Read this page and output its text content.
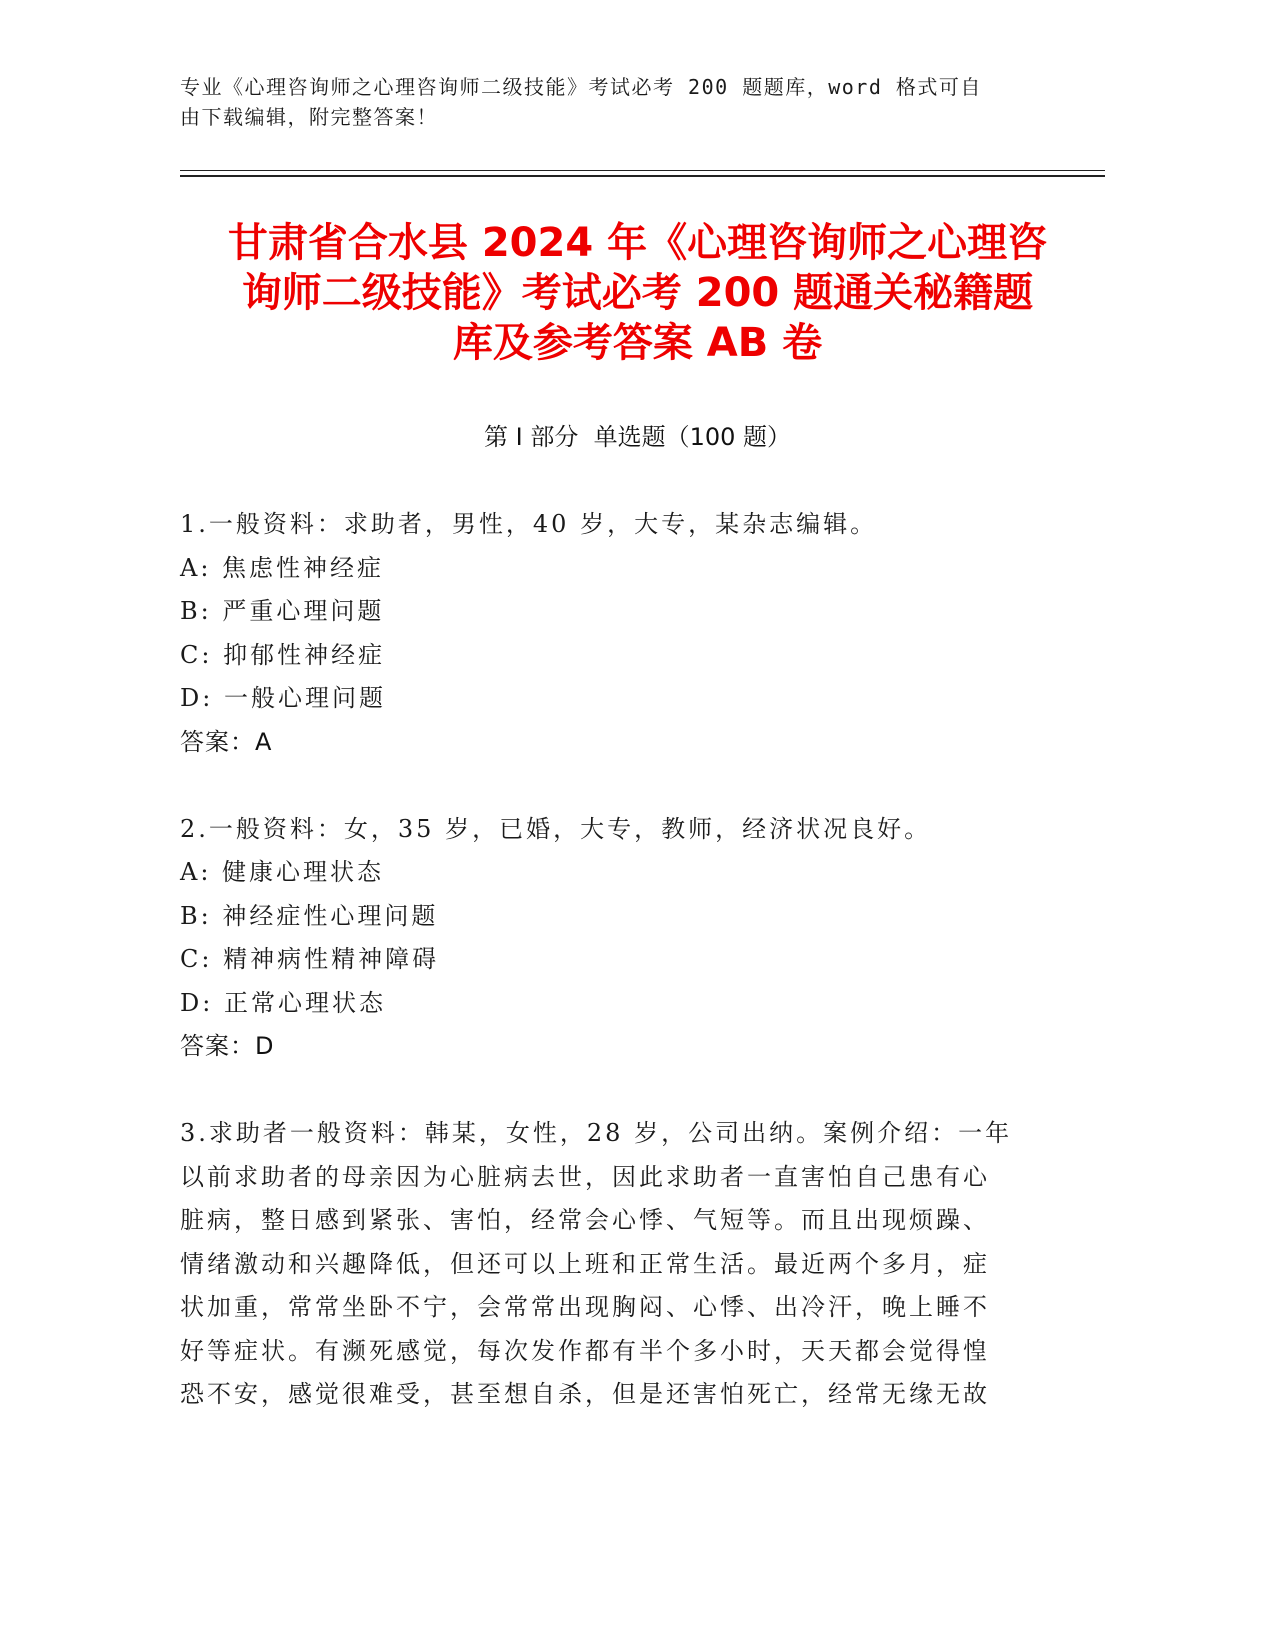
专业《心理咨询师之心理咨询师二级技能》考试必考 200 题题库，word 格式可自
由下载编辑，附完整答案！
甘肃省合水县 2024 年《心理咨询师之心理咨
询师二级技能》考试必考 200 题通关秘籍题
库及参考答案 AB 卷
第 I 部分  单选题（100 题）
1.一般资料：求助者，男性，40 岁，大专，某杂志编辑。
A: 焦虑性神经症
B: 严重心理问题
C: 抑郁性神经症
D: 一般心理问题
答案：A
2.一般资料：女，35 岁，已婚，大专，教师，经济状况良好。
A: 健康心理状态
B: 神经症性心理问题
C: 精神病性精神障碍
D: 正常心理状态
答案：D
3.求助者一般资料：韩某，女性，28 岁，公司出纳。案例介绍：一年
以前求助者的母亲因为心脏病去世，因此求助者一直害怕自己患有心
脏病，整日感到紧张、害怕，经常会心悸、气短等。而且出现烦躁、
情绪激动和兴趣降低，但还可以上班和正常生活。最近两个多月，症
状加重，常常坐卧不宁，会常常出现胸闷、心悸、出冷汗，晚上睡不
好等症状。有濒死感觉，每次发作都有半个多小时，天天都会觉得惶
恐不安，感觉很难受，甚至想自杀，但是还害怕死亡，经常无缘无故
